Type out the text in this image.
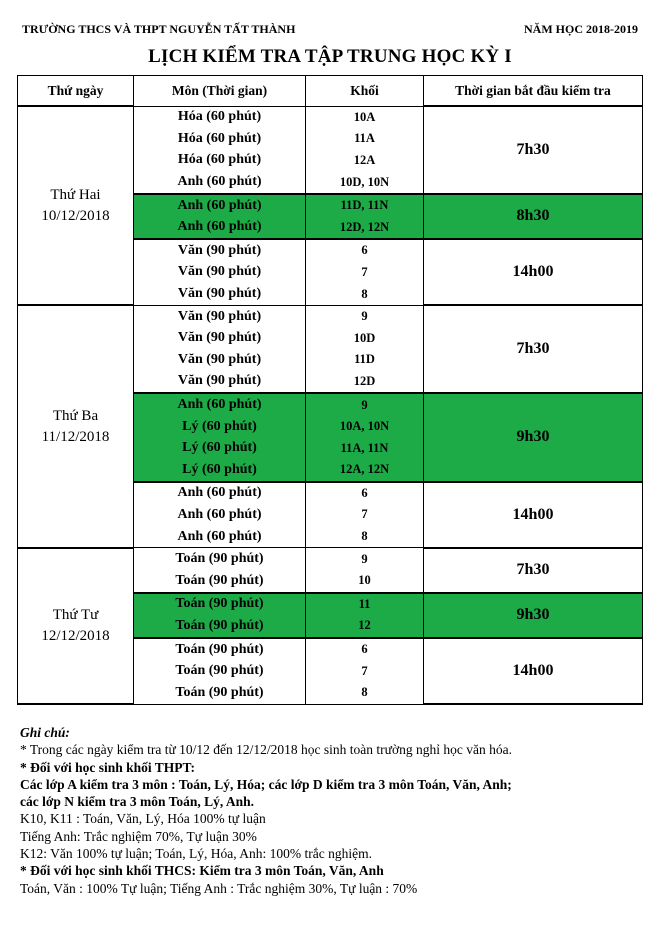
TRƯỜNG THCS VÀ THPT NGUYỄN TẤT THÀNH	NĂM HỌC 2018-2019
LỊCH KIỂM TRA TẬP TRUNG HỌC KỲ I
Thứ ngày	Môn (Thời gian)	Khối	Thời gian bắt đầu kiểm tra

Thứ Hai
10/12/2018	Hóa (60 phút)	10A	7h30
	Hóa (60 phút)	11A	
	Hóa (60 phút)	12A	
	Anh (60 phút)	10D, 10N	
	Anh (60 phút)	11D, 11N	8h30
	Anh (60 phút)	12D, 12N	
	Văn (90 phút)	6	14h00
	Văn (90 phút)	7	
	Văn (90 phút)	8	

Thứ Ba
11/12/2018	Văn (90 phút)	9	7h30
	Văn (90 phút)	10D	
	Văn (90 phút)	11D	
	Văn (90 phút)	12D	
	Anh (60 phút)	9	9h30
	Lý (60 phút)	10A, 10N	
	Lý (60 phút)	11A, 11N	
	Lý (60 phút)	12A, 12N	
	Anh (60 phút)	6	14h00
	Anh (60 phút)	7	
	Anh (60 phút)	8	

Thứ Tư
12/12/2018	Toán (90 phút)	9	7h30
	Toán (90 phút)	10	
	Toán (90 phút)	11	9h30
	Toán (90 phút)	12	
	Toán (90 phút)	6	14h00
	Toán (90 phút)	7	
	Toán (90 phút)	8	
Ghi chú:
* Trong các ngày kiểm tra từ 10/12 đến 12/12/2018 học sinh toàn trường nghỉ học văn hóa.
* Đối với học sinh khối THPT:
Các lớp A kiểm tra 3 môn : Toán, Lý, Hóa; các lớp D kiểm tra 3 môn Toán, Văn, Anh;
các lớp N kiểm tra 3 môn Toán, Lý, Anh.
K10, K11 : Toán, Văn, Lý, Hóa 100% tự luận
Tiếng Anh: Trắc nghiệm 70%, Tự luận 30%
K12: Văn 100% tự luận; Toán, Lý, Hóa, Anh: 100% trắc nghiệm.
* Đối với học sinh khối THCS: Kiểm tra 3 môn Toán, Văn, Anh
Toán, Văn : 100% Tự luận; Tiếng Anh : Trắc nghiệm 30%, Tự luận : 70%
